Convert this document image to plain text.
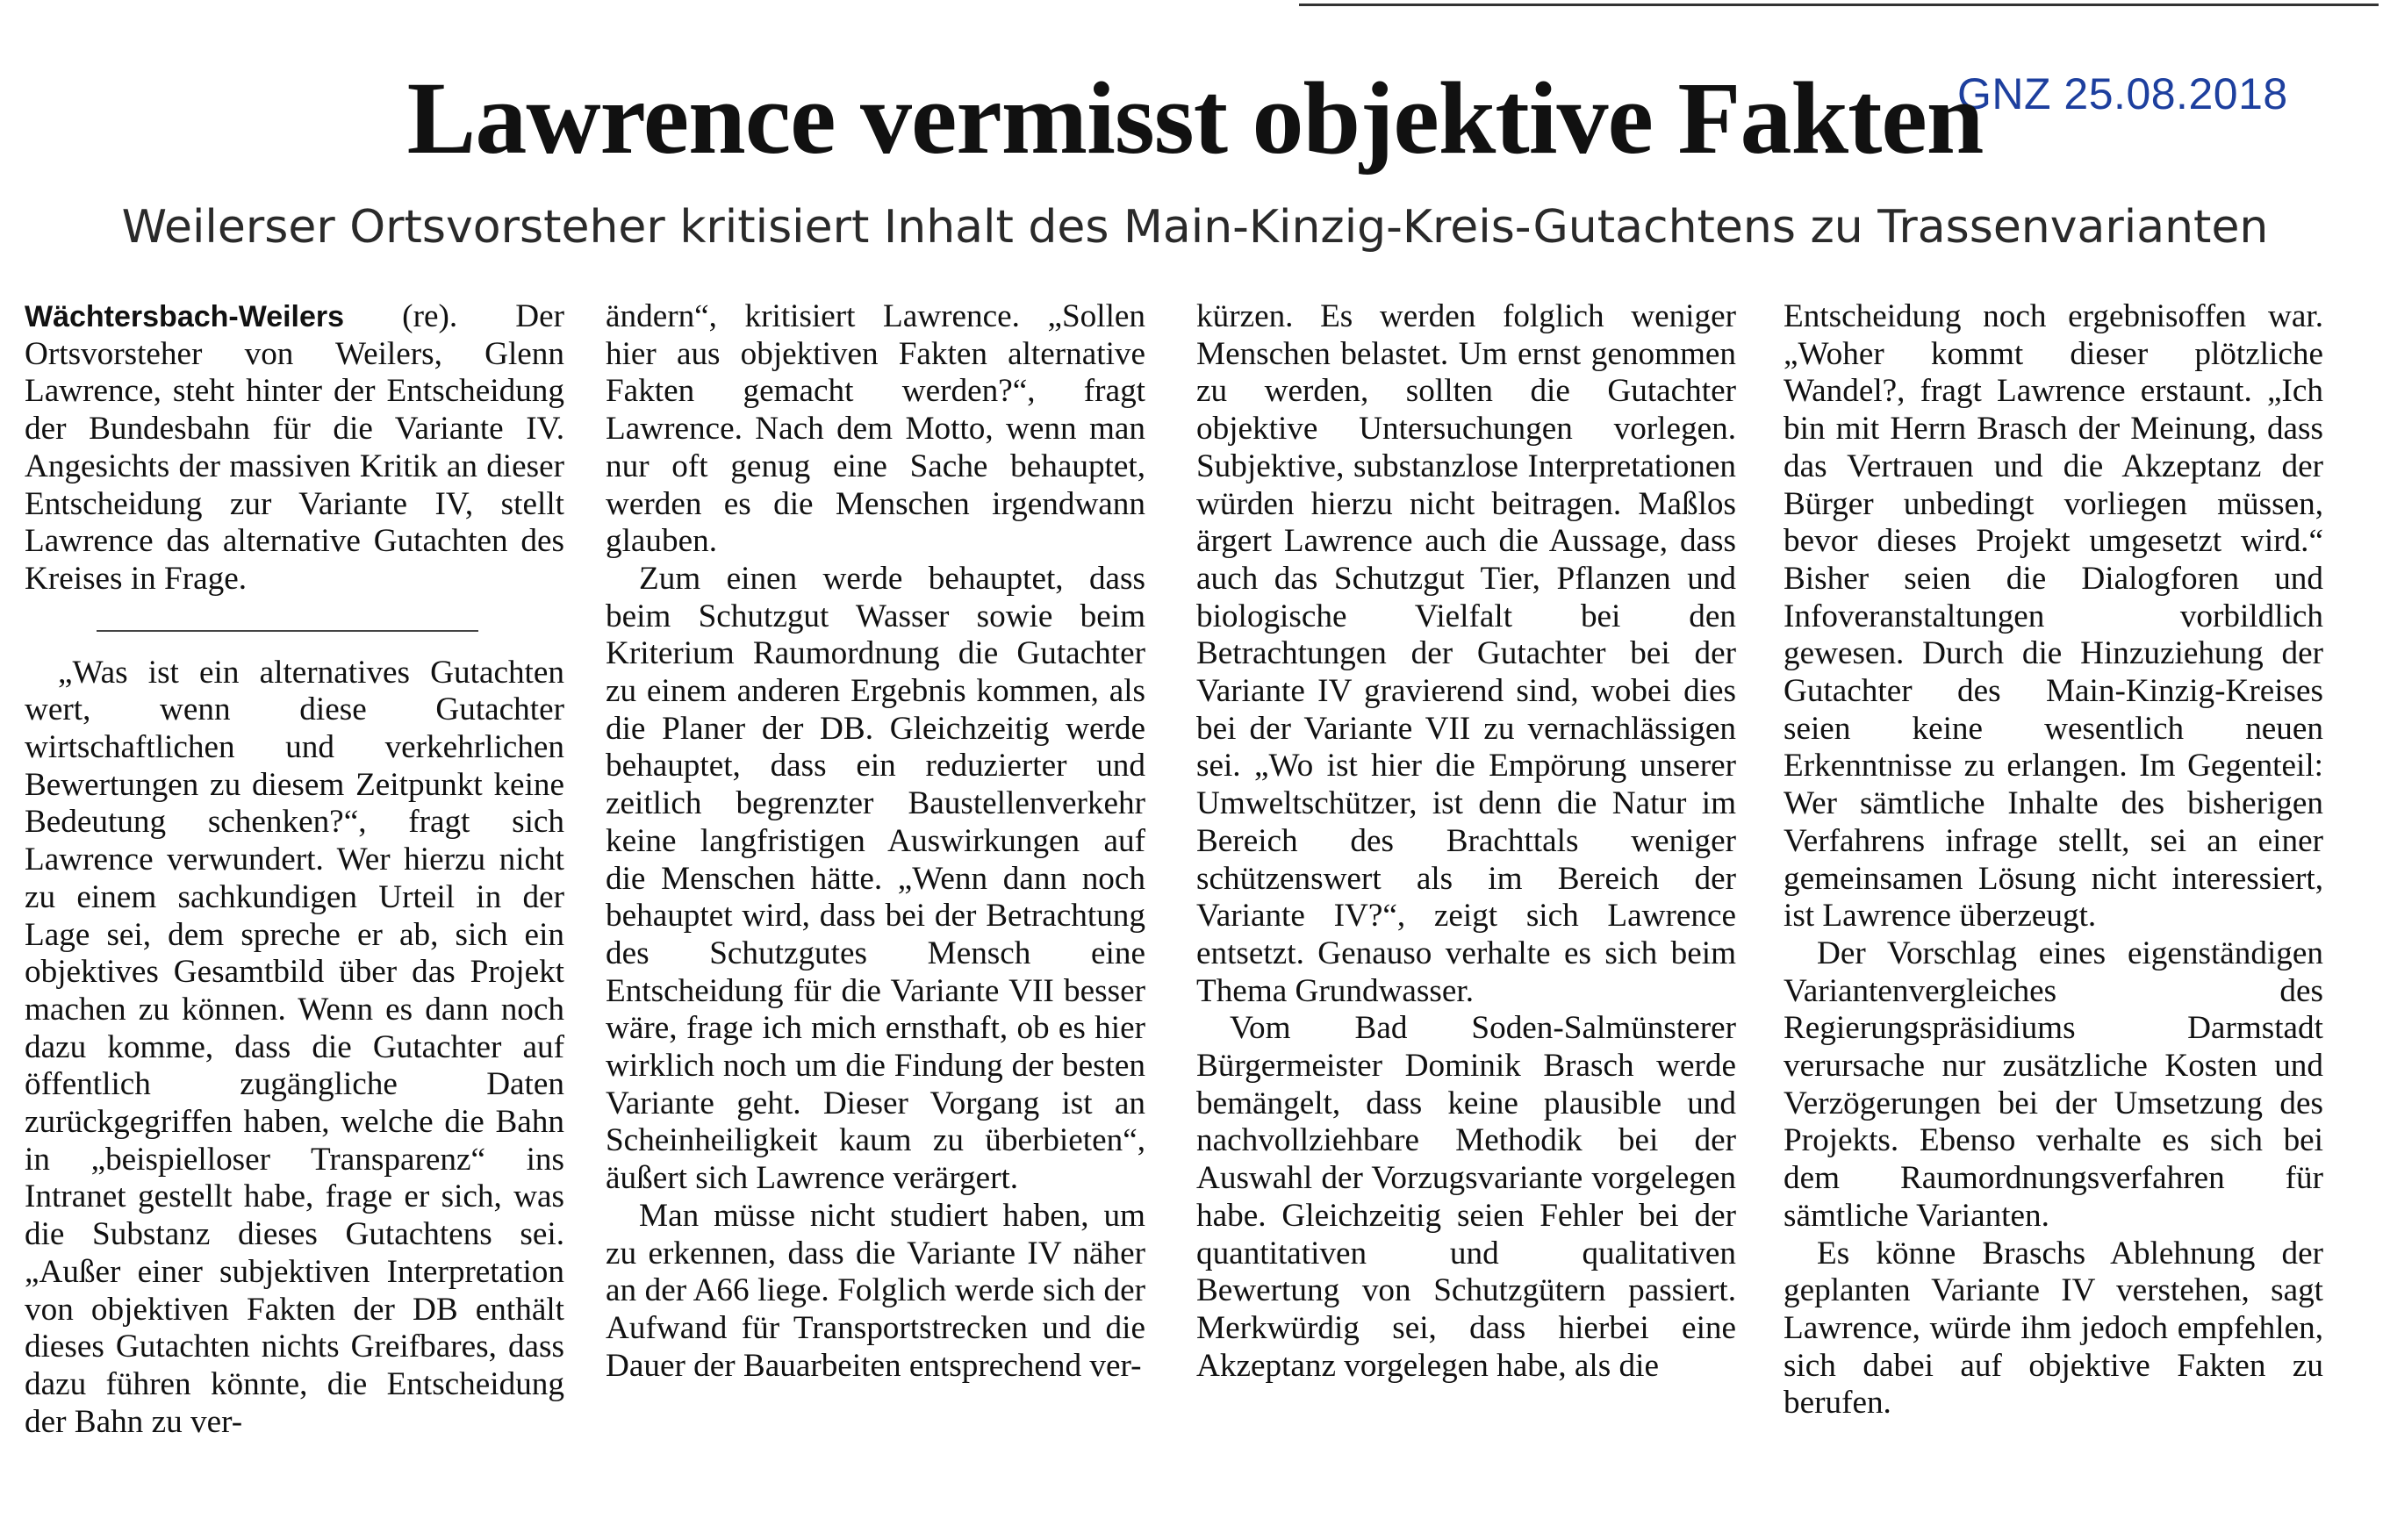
GNZ 25.08.2018
Lawrence vermisst objektive Fakten
Weilerser Ortsvorsteher kritisiert Inhalt des Main-Kinzig-Kreis-Gutachtens zu Trassenvarianten

Wächtersbach-Weilers (re). Der Ortsvorsteher von Weilers, Glenn Lawrence, steht hinter der Entscheidung der Bundesbahn für die Variante IV. Angesichts der massiven Kritik an dieser Entscheidung zur Variante IV, stellt Lawrence das alternative Gutachten des Kreises in Frage.

„Was ist ein alternatives Gutachten wert, wenn diese Gutachter wirtschaftlichen und verkehrlichen Bewertungen zu diesem Zeitpunkt keine Bedeutung schenken?“, fragt sich Lawrence verwundert. Wer hierzu nicht zu einem sachkundigen Urteil in der Lage sei, dem spreche er ab, sich ein objektives Gesamtbild über das Projekt machen zu können. Wenn es dann noch dazu komme, dass die Gutachter auf öffentlich zugängliche Daten zurückgegriffen haben, welche die Bahn in „beispielloser Transparenz“ ins Intranet gestellt habe, frage er sich, was die Substanz dieses Gutachtens sei. „Außer einer subjektiven Interpretation von objektiven Fakten der DB enthält dieses Gutachten nichts Greifbares, dass dazu führen könnte, die Entscheidung der Bahn zu ver-

ändern“, kritisiert Lawrence. „Sollen hier aus objektiven Fakten alternative Fakten gemacht werden?“, fragt Lawrence. Nach dem Motto, wenn man nur oft genug eine Sache behauptet, werden es die Menschen irgendwann glauben.

Zum einen werde behauptet, dass beim Schutzgut Wasser sowie beim Kriterium Raumordnung die Gutachter zu einem anderen Ergebnis kommen, als die Planer der DB. Gleichzeitig werde behauptet, dass ein reduzierter und zeitlich begrenzter Baustellenverkehr keine langfristigen Auswirkungen auf die Menschen hätte. „Wenn dann noch behauptet wird, dass bei der Betrachtung des Schutzgutes Mensch eine Entscheidung für die Variante VII besser wäre, frage ich mich ernsthaft, ob es hier wirklich noch um die Findung der besten Variante geht. Dieser Vorgang ist an Scheinheiligkeit kaum zu überbieten“, äußert sich Lawrence verärgert.

Man müsse nicht studiert haben, um zu erkennen, dass die Variante IV näher an der A66 liege. Folglich werde sich der Aufwand für Transportstrecken und die Dauer der Bauarbeiten entsprechend ver-

kürzen. Es werden folglich weniger Menschen belastet. Um ernst genommen zu werden, sollten die Gutachter objektive Untersuchungen vorlegen. Subjektive, substanzlose Interpretationen würden hierzu nicht beitragen. Maßlos ärgert Lawrence auch die Aussage, dass auch das Schutzgut Tier, Pflanzen und biologische Vielfalt bei den Betrachtungen der Gutachter bei der Variante IV gravierend sind, wobei dies bei der Variante VII zu vernachlässigen sei. „Wo ist hier die Empörung unserer Umweltschützer, ist denn die Natur im Bereich des Brachttals weniger schützenswert als im Bereich der Variante IV?“, zeigt sich Lawrence entsetzt. Genauso verhalte es sich beim Thema Grundwasser.

Vom Bad Soden-Salmünsterer Bürgermeister Dominik Brasch werde bemängelt, dass keine plausible und nachvollziehbare Methodik bei der Auswahl der Vorzugsvariante vorgelegen habe. Gleichzeitig seien Fehler bei der quantitativen und qualitativen Bewertung von Schutzgütern passiert. Merkwürdig sei, dass hierbei eine Akzeptanz vorgelegen habe, als die

Entscheidung noch ergebnisoffen war. „Woher kommt dieser plötzliche Wandel?, fragt Lawrence erstaunt. „Ich bin mit Herrn Brasch der Meinung, dass das Vertrauen und die Akzeptanz der Bürger unbedingt vorliegen müssen, bevor dieses Projekt umgesetzt wird.“ Bisher seien die Dialogforen und Infoveranstaltungen vorbildlich gewesen. Durch die Hinzuziehung der Gutachter des Main-Kinzig-Kreises seien keine wesentlich neuen Erkenntnisse zu erlangen. Im Gegenteil: Wer sämtliche Inhalte des bisherigen Verfahrens infrage stellt, sei an einer gemeinsamen Lösung nicht interessiert, ist Lawrence überzeugt.

Der Vorschlag eines eigenständigen Variantenvergleiches des Regierungspräsidiums Darmstadt verursache nur zusätzliche Kosten und Verzögerungen bei der Umsetzung des Projekts. Ebenso verhalte es sich bei dem Raumordnungsverfahren für sämtliche Varianten.

Es könne Braschs Ablehnung der geplanten Variante IV verstehen, sagt Lawrence, würde ihm jedoch empfehlen, sich dabei auf objektive Fakten zu berufen.
